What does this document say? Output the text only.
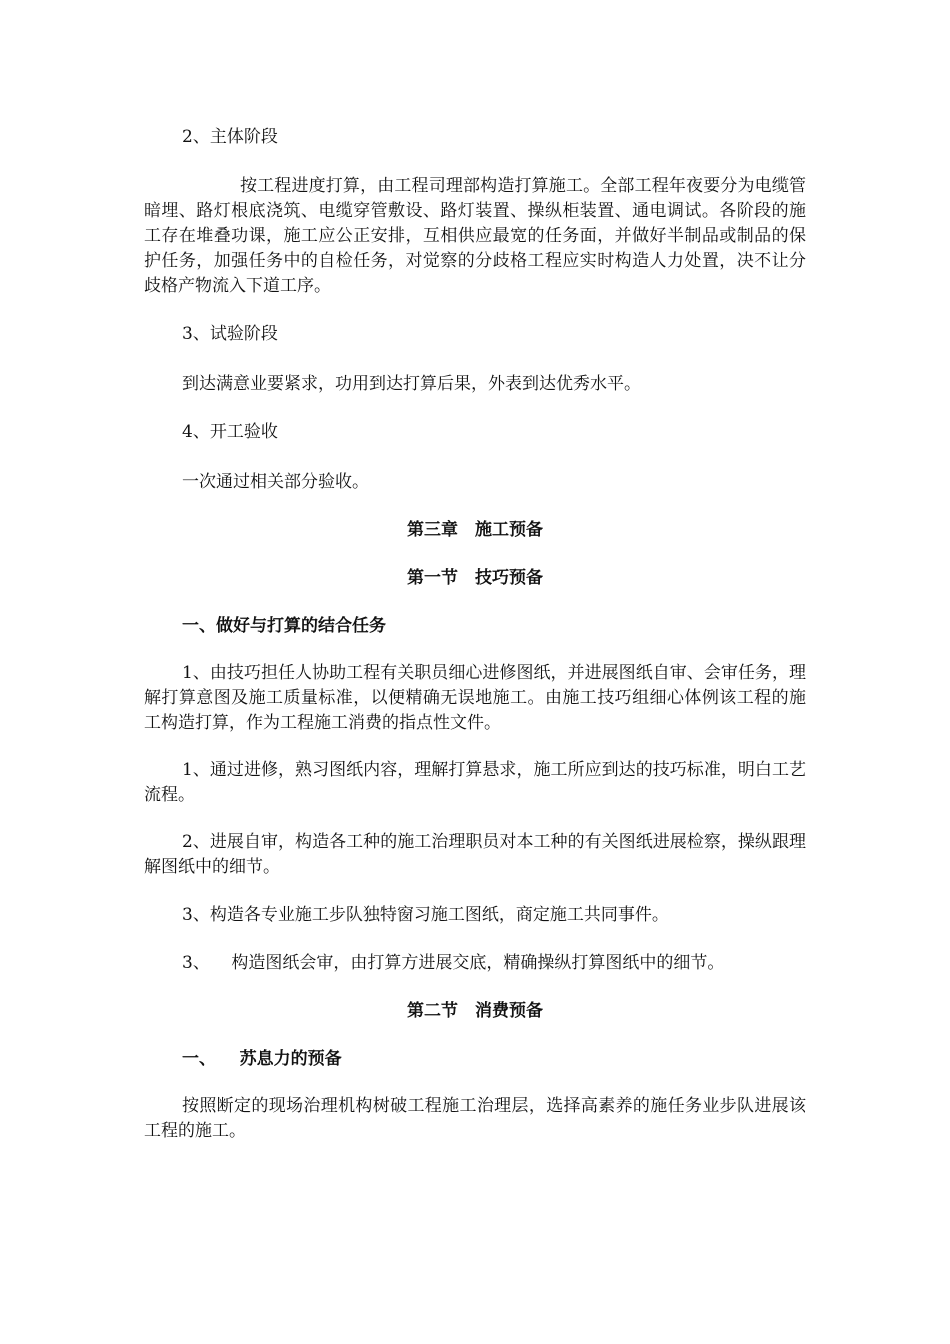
2、主体阶段
按工程进度打算，由工程司理部构造打算施工。全部工程年夜要分为电缆管暗埋、路灯根底浇筑、电缆穿管敷设、路灯装置、操纵柜装置、通电调试。各阶段的施工存在堆叠功课，施工应公正安排，互相供应最宽的任务面，并做好半制品或制品的保护任务，加强任务中的自检任务，对觉察的分歧格工程应实时构造人力处置，决不让分歧格产物流入下道工序。
3、试验阶段
到达满意业要紧求，功用到达打算后果，外表到达优秀水平。
4、开工验收
一次通过相关部分验收。
第三章　施工预备
第一节　技巧预备
一、做好与打算的结合任务
1、由技巧担任人协助工程有关职员细心进修图纸，并进展图纸自审、会审任务，理解打算意图及施工质量标准，以便精确无误地施工。由施工技巧组细心体例该工程的施工构造打算，作为工程施工消费的指点性文件。
1、通过进修，熟习图纸内容，理解打算悬求，施工所应到达的技巧标准，明白工艺流程。
2、进展自审，构造各工种的施工治理职员对本工种的有关图纸进展检察，操纵跟理解图纸中的细节。
3、构造各专业施工步队独特窗习施工图纸，商定施工共同事件。
3、    构造图纸会审，由打算方进展交底，精确操纵打算图纸中的细节。
第二节　消费预备
一、    苏息力的预备
按照断定的现场治理机构树破工程施工治理层，选择高素养的施任务业步队进展该工程的施工。
